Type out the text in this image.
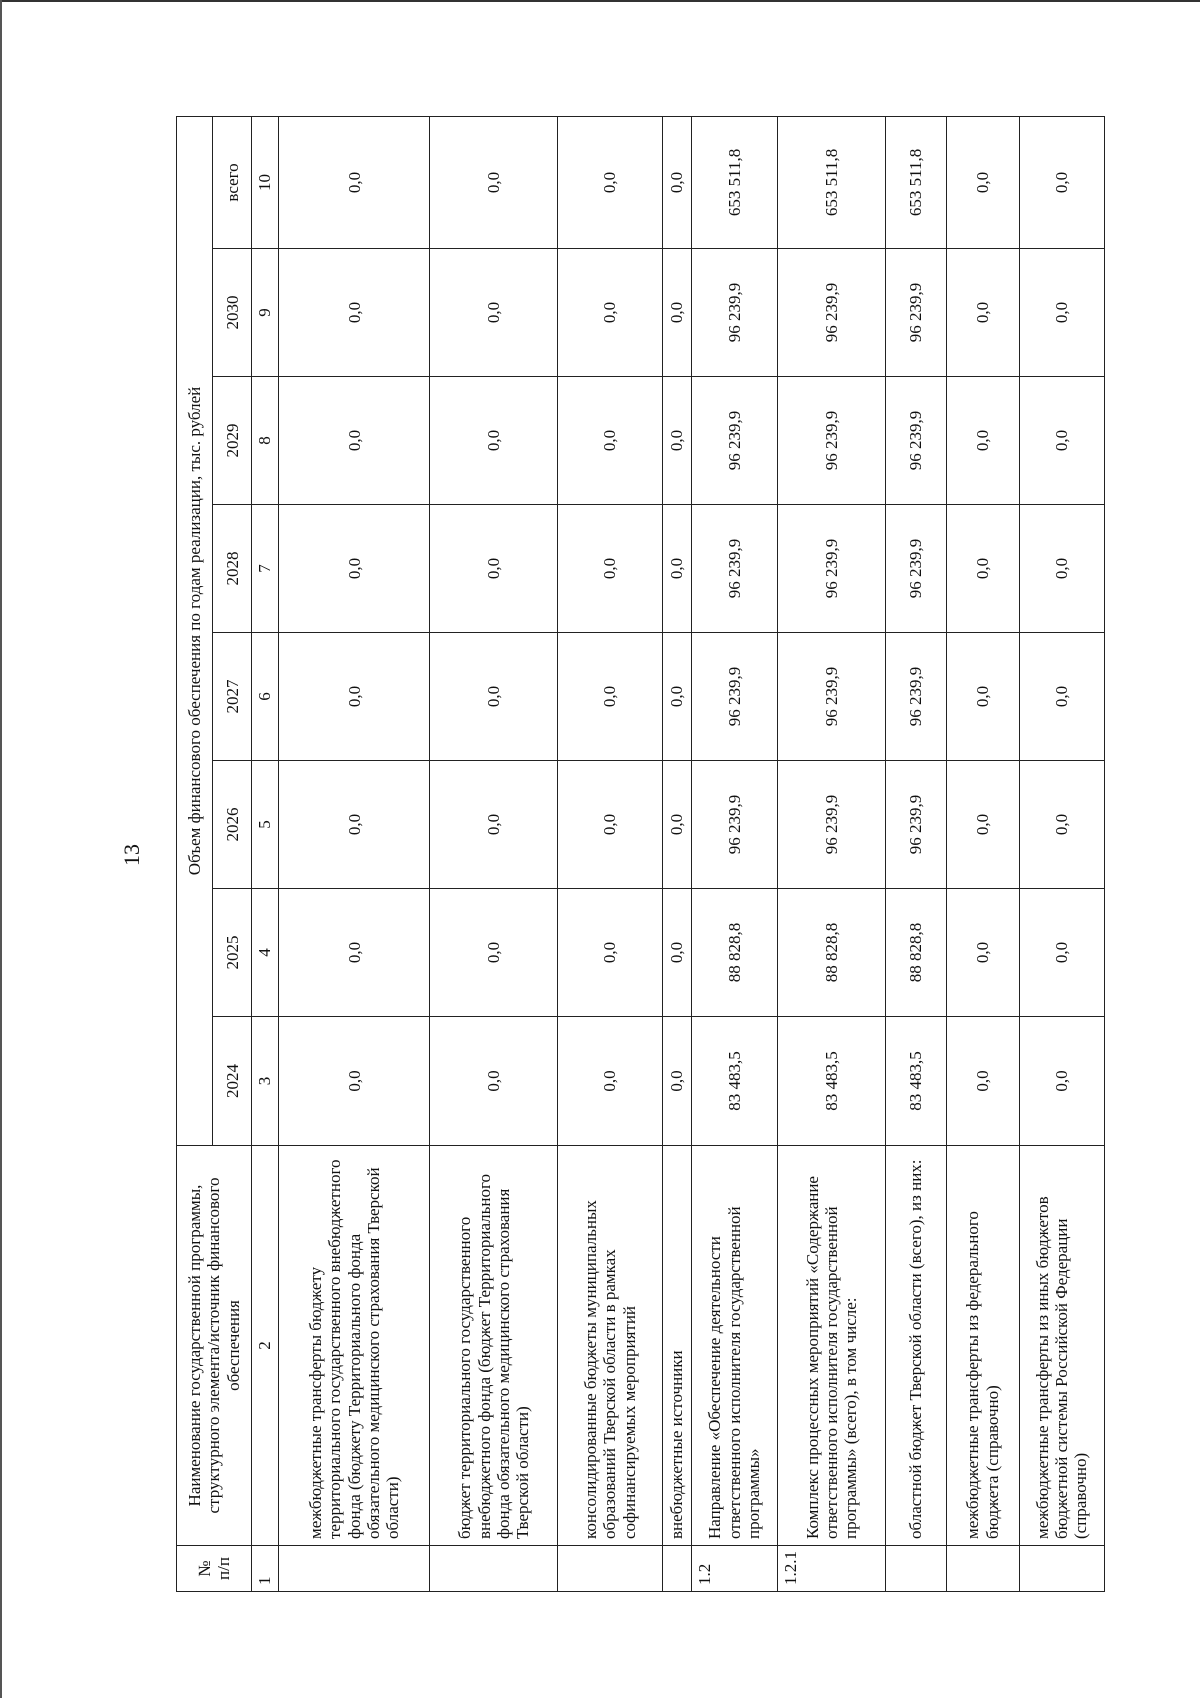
13
№ п/п	Наименование государственной программы, структурного элемента/источник финансового обеспечения	Объем финансового обеспечения по годам реализации, тыс. рублей							
		2024	2025	2026	2027	2028	2029	2030	всего
1	2	3	4	5	6	7	8	9	10
	межбюджетные трансферты бюджету территориального государственного внебюджетного фонда (бюджету Территориального фонда обязательного медицинского страхования Тверской области)	0,0	0,0	0,0	0,0	0,0	0,0	0,0	0,0
	бюджет территориального государственного внебюджетного фонда (бюджет Территориального фонда обязательного медицинского страхования Тверской области)	0,0	0,0	0,0	0,0	0,0	0,0	0,0	0,0
	консолидированные бюджеты муниципальных образований Тверской области в рамках софинансируемых мероприятий	0,0	0,0	0,0	0,0	0,0	0,0	0,0	0,0
	внебюджетные источники	0,0	0,0	0,0	0,0	0,0	0,0	0,0	0,0
1.2	Направление «Обеспечение деятельности ответственного исполнителя государственной программы»	83 483,5	88 828,8	96 239,9	96 239,9	96 239,9	96 239,9	96 239,9	653 511,8
1.2.1	Комплекс процессных мероприятий «Содержание ответственного исполнителя государственной программы» (всего), в том числе:	83 483,5	88 828,8	96 239,9	96 239,9	96 239,9	96 239,9	96 239,9	653 511,8
	областной бюджет Тверской области (всего), из них:	83 483,5	88 828,8	96 239,9	96 239,9	96 239,9	96 239,9	96 239,9	653 511,8
	межбюджетные трансферты из федерального бюджета (справочно)	0,0	0,0	0,0	0,0	0,0	0,0	0,0	0,0
	межбюджетные трансферты из иных бюджетов бюджетной системы Российской Федерации (справочно)	0,0	0,0	0,0	0,0	0,0	0,0	0,0	0,0
